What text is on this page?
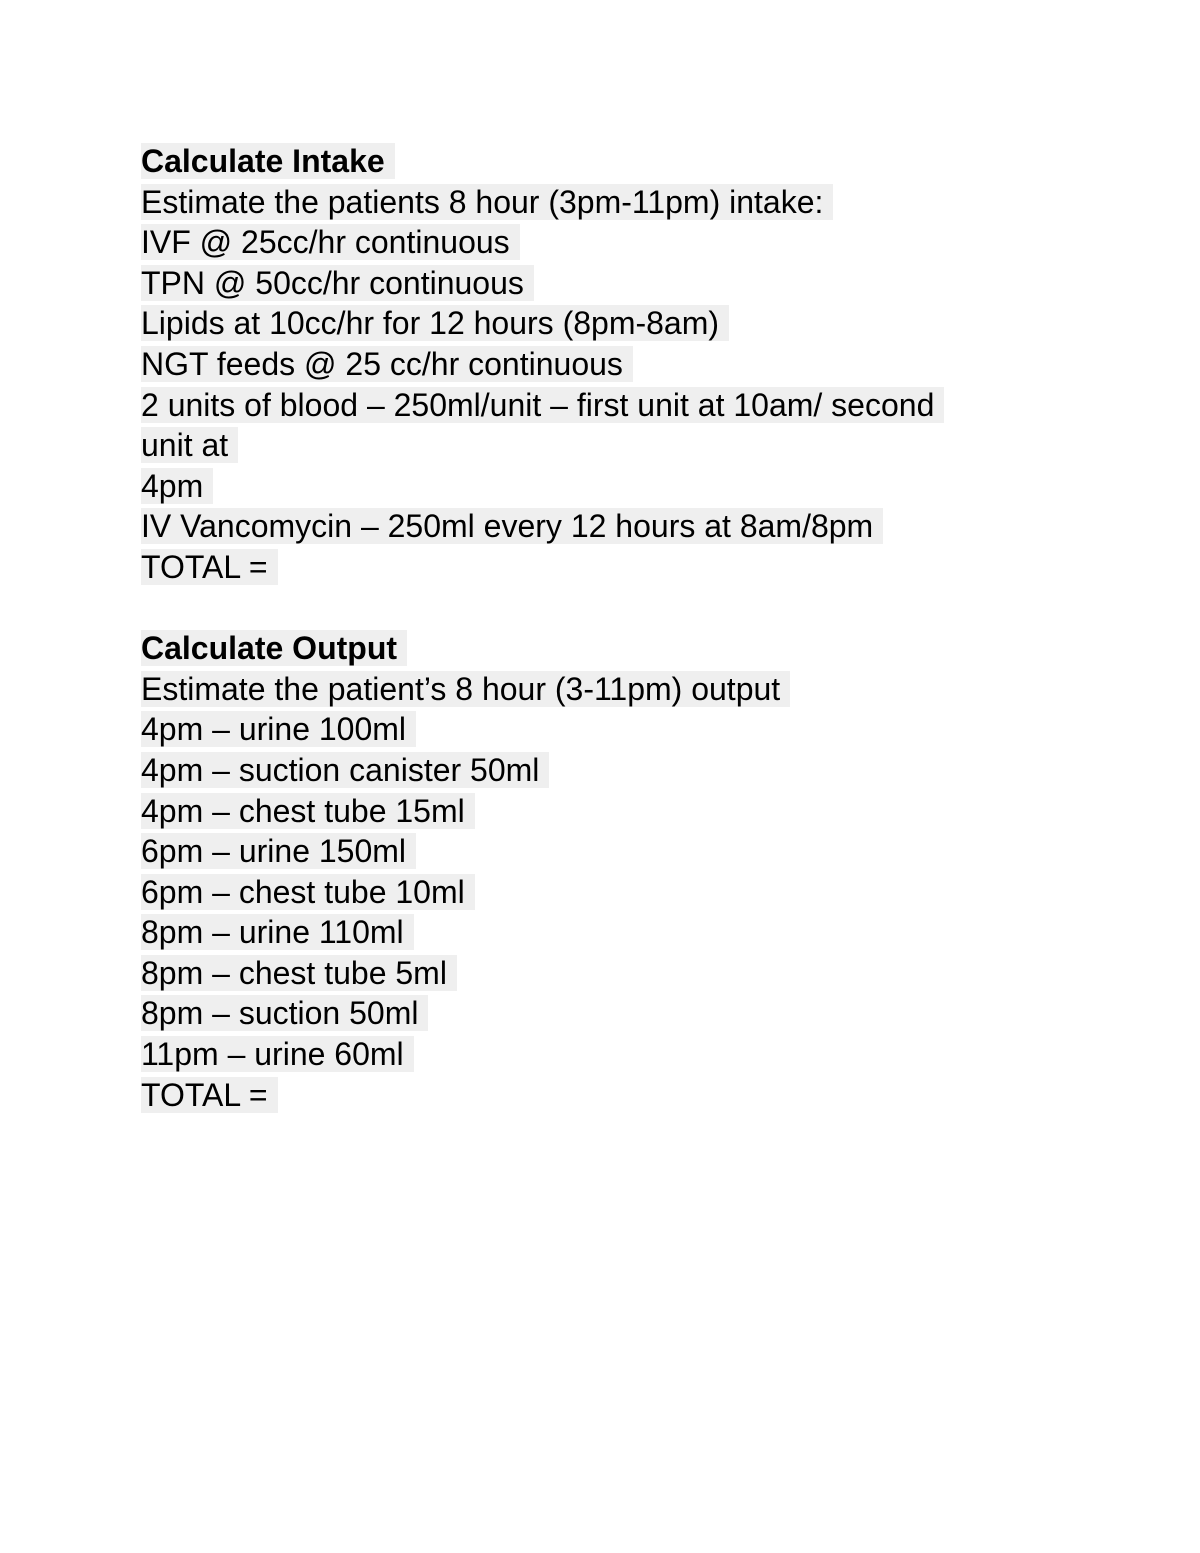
Calculate Intake
Estimate the patients 8 hour (3pm-11pm) intake:
IVF @ 25cc/hr continuous
TPN @ 50cc/hr continuous
Lipids at 10cc/hr for 12 hours (8pm-8am)
NGT feeds @ 25 cc/hr continuous
2 units of blood – 250ml/unit – first unit at 10am/ second
unit at
4pm
IV Vancomycin – 250ml every 12 hours at 8am/8pm
TOTAL =
Calculate Output
Estimate the patient’s 8 hour (3-11pm) output
4pm – urine 100ml
4pm – suction canister 50ml
4pm – chest tube 15ml
6pm – urine 150ml
6pm – chest tube 10ml
8pm – urine 110ml
8pm – chest tube 5ml
8pm – suction 50ml
11pm – urine 60ml
TOTAL =
